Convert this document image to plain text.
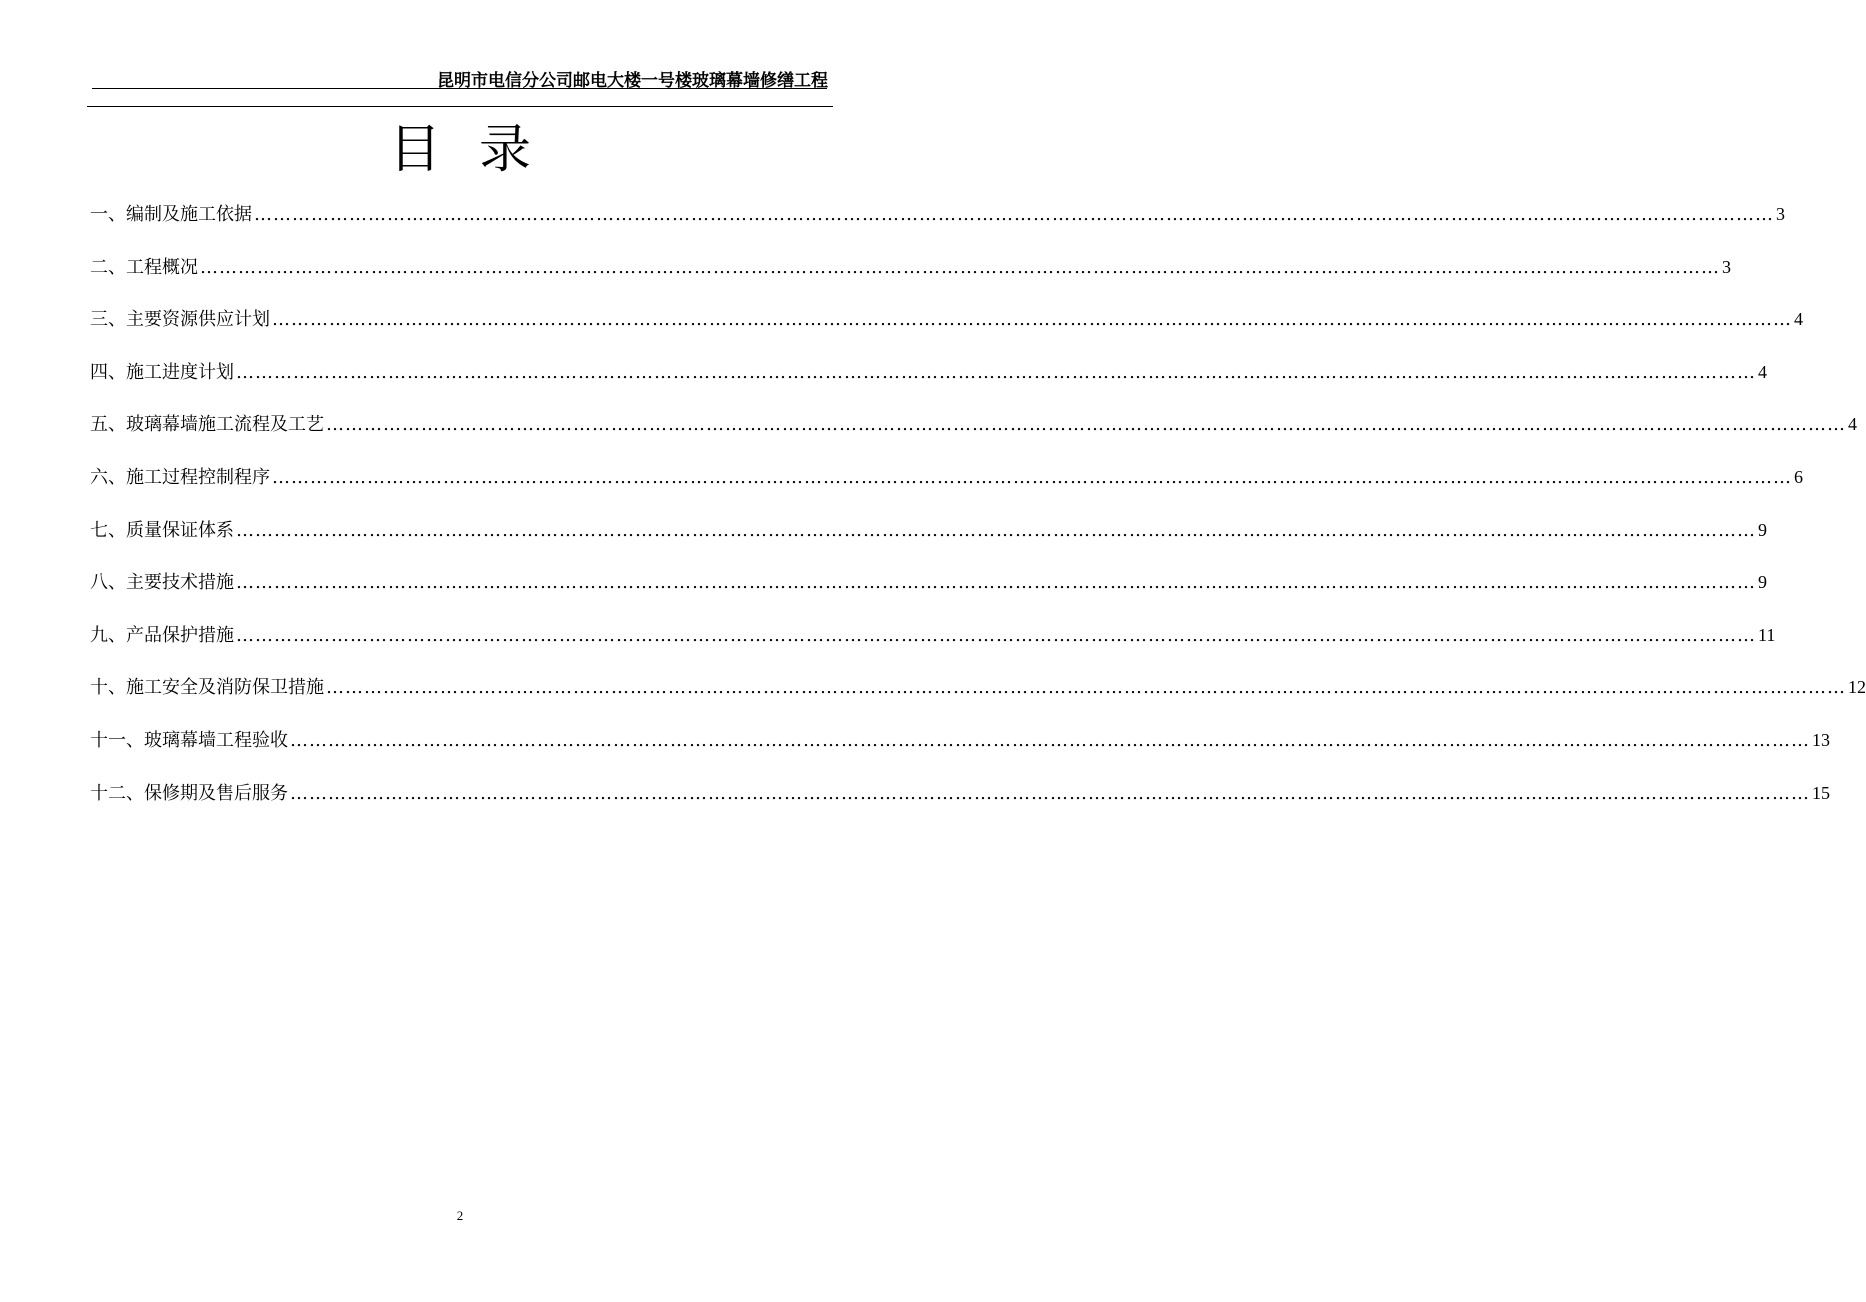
昆明市电信分公司邮电大楼一号楼玻璃幕墙修缮工程
目录
一、编制及施工依据 …………………………………………………………………………………………………………………………………………………………………………………………………………………… 3
二、工程概况 …………………………………………………………………………………………………………………………………………………………………………………………………………………… 3
三、主要资源供应计划 …………………………………………………………………………………………………………………………………………………………………………………………………………………… 4
四、施工进度计划 …………………………………………………………………………………………………………………………………………………………………………………………………………………… 4
五、玻璃幕墙施工流程及工艺 …………………………………………………………………………………………………………………………………………………………………………………………………………………… 4
六、施工过程控制程序 …………………………………………………………………………………………………………………………………………………………………………………………………………………… 6
七、质量保证体系 …………………………………………………………………………………………………………………………………………………………………………………………………………………… 9
八、主要技术措施 …………………………………………………………………………………………………………………………………………………………………………………………………………………… 9
九、产品保护措施 …………………………………………………………………………………………………………………………………………………………………………………………………………………… 11
十、施工安全及消防保卫措施 …………………………………………………………………………………………………………………………………………………………………………………………………………………… 12
十一、玻璃幕墙工程验收 …………………………………………………………………………………………………………………………………………………………………………………………………………………… 13
十二、保修期及售后服务 …………………………………………………………………………………………………………………………………………………………………………………………………………………… 15
2
